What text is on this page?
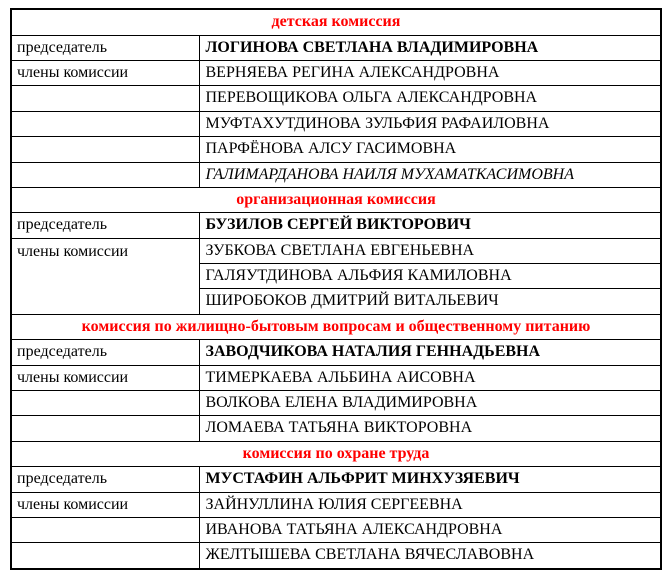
детская комиссия	
председатель	ЛОГИНОВА СВЕТЛАНА ВЛАДИМИРОВНА
члены комиссии	ВЕРНЯЕВА РЕГИНА АЛЕКСАНДРОВНА
	ПЕРЕВОЩИКОВА ОЛЬГА АЛЕКСАНДРОВНА
	МУФТАХУТДИНОВА ЗУЛЬФИЯ РАФАИЛОВНА
	ПАРФЁНОВА АЛСУ ГАСИМОВНА
	ГАЛИМАРДАНОВА НАИЛЯ МУХАМАТКАСИМОВНА
организационная комиссия	
председатель	БУЗИЛОВ СЕРГЕЙ ВИКТОРОВИЧ
члены комиссии	ЗУБКОВА СВЕТЛАНА ЕВГЕНЬЕВНА
	ГАЛЯУТДИНОВА АЛЬФИЯ КАМИЛОВНА
	ШИРОБОКОВ ДМИТРИЙ ВИТАЛЬЕВИЧ
комиссия по жилищно-бытовым вопросам и общественному питанию	
председатель	ЗАВОДЧИКОВА НАТАЛИЯ ГЕННАДЬЕВНА
члены комиссии	ТИМЕРКАЕВА АЛЬБИНА АИСОВНА
	ВОЛКОВА ЕЛЕНА ВЛАДИМИРОВНА
	ЛОМАЕВА ТАТЬЯНА ВИКТОРОВНА
комиссия по охране труда	
председатель	МУСТАФИН АЛЬФРИТ МИНХУЗЯЕВИЧ
члены комиссии	ЗАЙНУЛЛИНА ЮЛИЯ СЕРГЕЕВНА
	ИВАНОВА ТАТЬЯНА АЛЕКСАНДРОВНА
	ЖЕЛТЫШЕВА СВЕТЛАНА ВЯЧЕСЛАВОВНА
